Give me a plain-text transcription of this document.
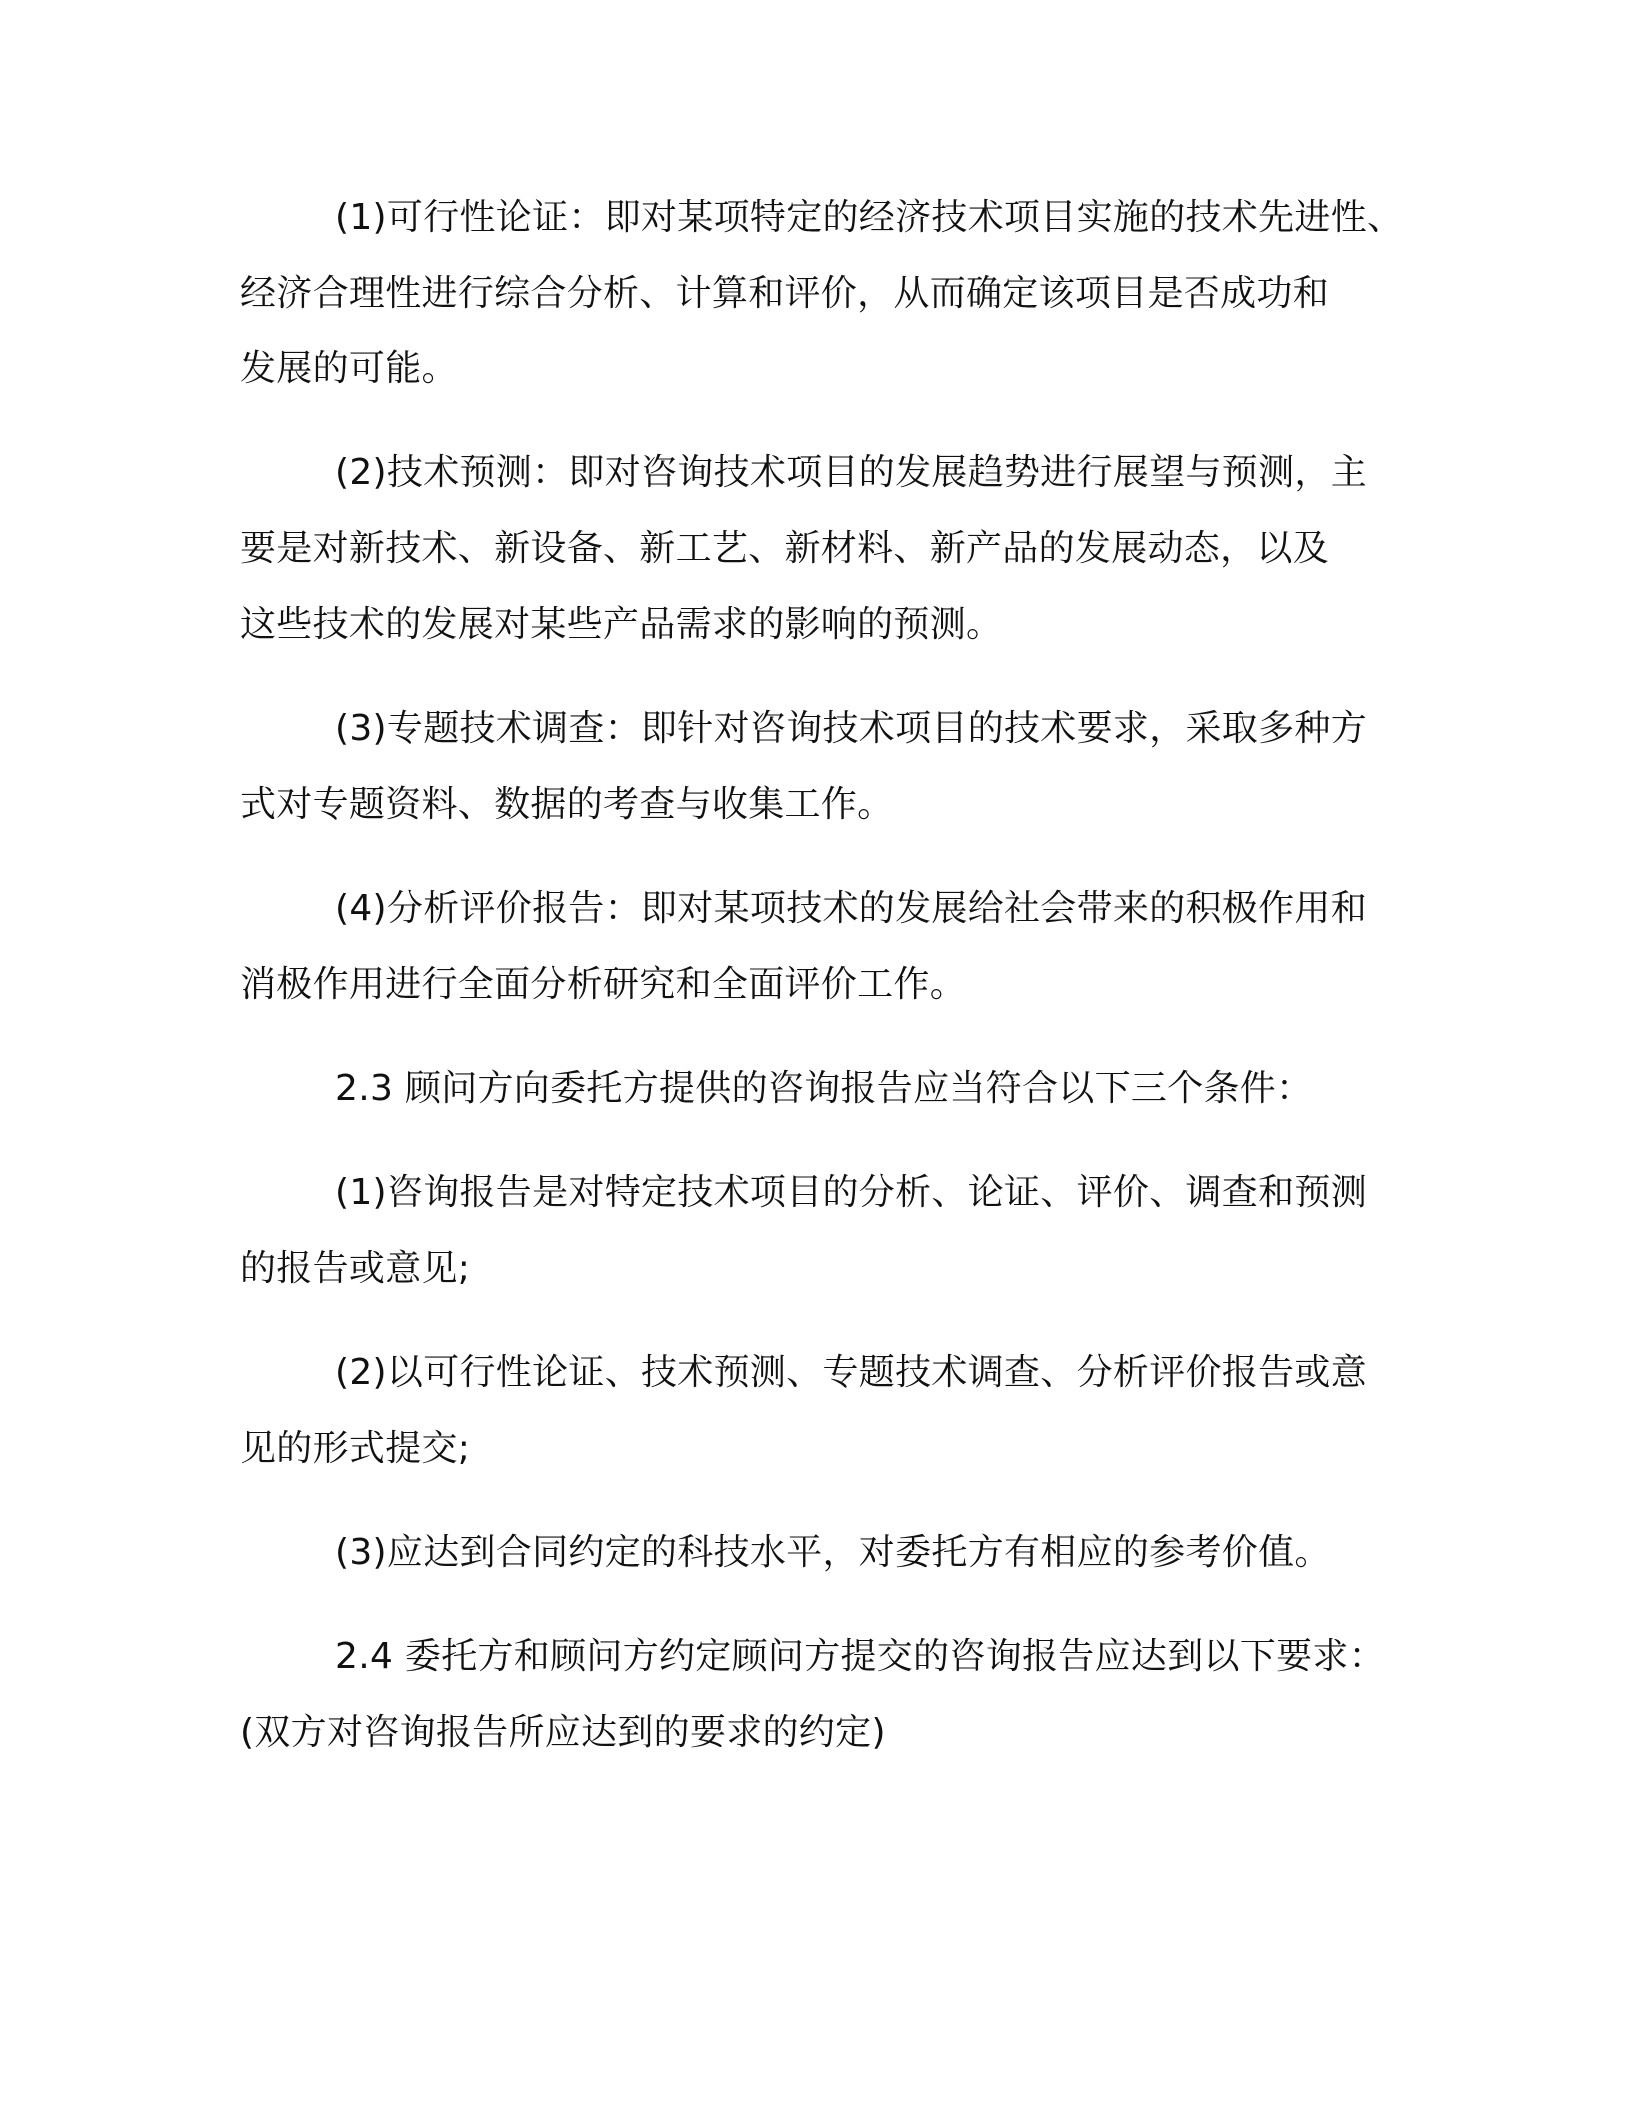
(1)可行性论证：即对某项特定的经济技术项目实施的技术先进性、
经济合理性进行综合分析、计算和评价，从而确定该项目是否成功和
发展的可能。
(2)技术预测：即对咨询技术项目的发展趋势进行展望与预测，主
要是对新技术、新设备、新工艺、新材料、新产品的发展动态，以及
这些技术的发展对某些产品需求的影响的预测。
(3)专题技术调查：即针对咨询技术项目的技术要求，采取多种方
式对专题资料、数据的考查与收集工作。
(4)分析评价报告：即对某项技术的发展给社会带来的积极作用和
消极作用进行全面分析研究和全面评价工作。
2.3 顾问方向委托方提供的咨询报告应当符合以下三个条件：
(1)咨询报告是对特定技术项目的分析、论证、评价、调查和预测
的报告或意见;
(2)以可行性论证、技术预测、专题技术调查、分析评价报告或意
见的形式提交;
(3)应达到合同约定的科技水平，对委托方有相应的参考价值。
2.4 委托方和顾问方约定顾问方提交的咨询报告应达到以下要求：
(双方对咨询报告所应达到的要求的约定)
